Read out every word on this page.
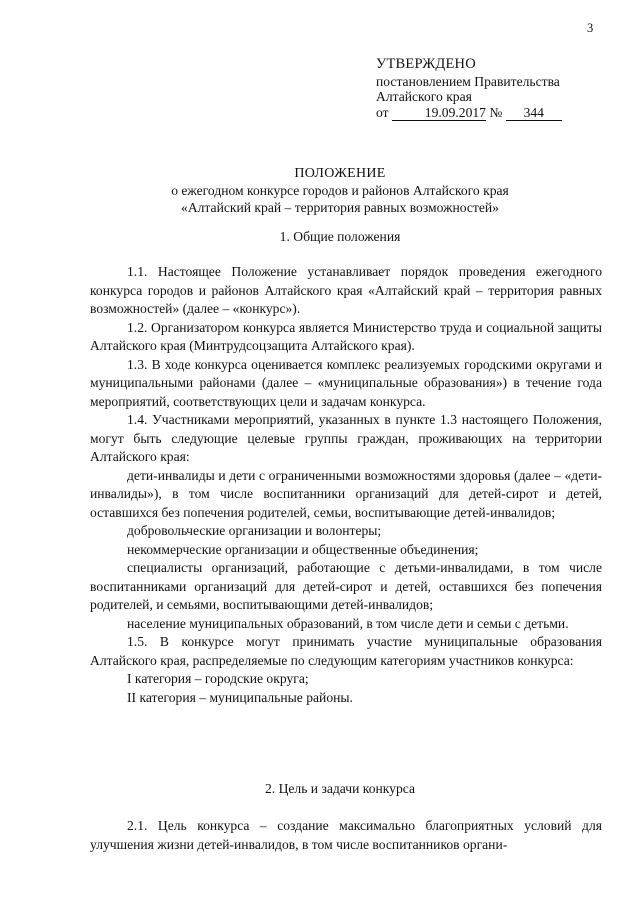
3
УТВЕРЖДЕНО
постановлением Правительства
Алтайского края
от
	19.09.2017
№
	344
ПОЛОЖЕНИЕ
о ежегодном конкурсе городов и районов Алтайского края
«Алтайский край – территория равных возможностей»
1. Общие положения

1.1. Настоящее Положение устанавливает порядок проведения ежегодного конкурса городов и районов Алтайского края «Алтайский край – территория равных возможностей» (далее – «конкурс»).

1.2. Организатором конкурса является Министерство труда и социальной защиты Алтайского края (Минтрудсоцзащита Алтайского края).

1.3. В ходе конкурса оценивается комплекс реализуемых городскими округами и муниципальными районами (далее – «муниципальные образования») в течение года мероприятий, соответствующих цели и задачам конкурса.

1.4. Участниками мероприятий, указанных в пункте 1.3 настоящего Положения, могут быть следующие целевые группы граждан, проживающих на территории Алтайского края:

дети-инвалиды и дети с ограниченными возможностями здоровья (далее – «дети-инвалиды»), в том числе воспитанники организаций для детей-сирот и детей, оставшихся без попечения родителей, семьи, воспитывающие детей-инвалидов;

добровольческие организации и волонтеры;

некоммерческие организации и общественные объединения;

специалисты организаций, работающие с детьми-инвалидами, в том числе воспитанниками организаций для детей-сирот и детей, оставшихся без попечения родителей, и семьями, воспитывающими детей-инвалидов;

население муниципальных образований, в том числе дети и семьи с детьми.

1.5. В конкурсе могут принимать участие муниципальные образования Алтайского края, распределяемые по следующим категориям участников конкурса:

I категория – городские округа;

II категория – муниципальные районы.

2. Цель и задачи конкурса

2.1. Цель конкурса – создание максимально благоприятных условий для улучшения жизни детей-инвалидов, в том числе воспитанников органи-
